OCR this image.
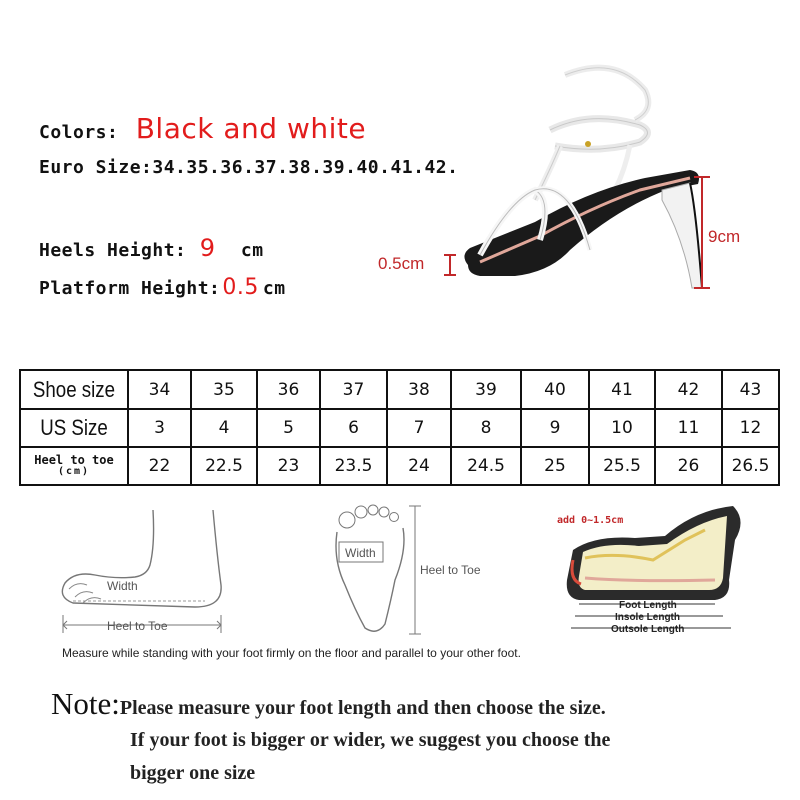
Colors: Black and white
Euro Size:34.35.36.37.38.39.40.41.42.
Heels Height: 9 cm
Platform Height:0.5 cm
0.5cm
9cm
Shoe size	34	35	36	37	38	39	40	41	42	43
US Size	3	4	5	6	7	8	9	10	11	12

Heel to toe
(cm)	22	22.5	23	23.5	24	24.5	25	25.5	26	26.5
Width
Heel to Toe
Width
Heel to Toe
add 0~1.5cm
Foot Length
Insole Length
Outsole Length
Measure while standing with your foot firmly on the floor and parallel to your other foot.
Note:Please measure your foot length and then choose the size.
If your foot is bigger or wider, we suggest you choose the
bigger one size
